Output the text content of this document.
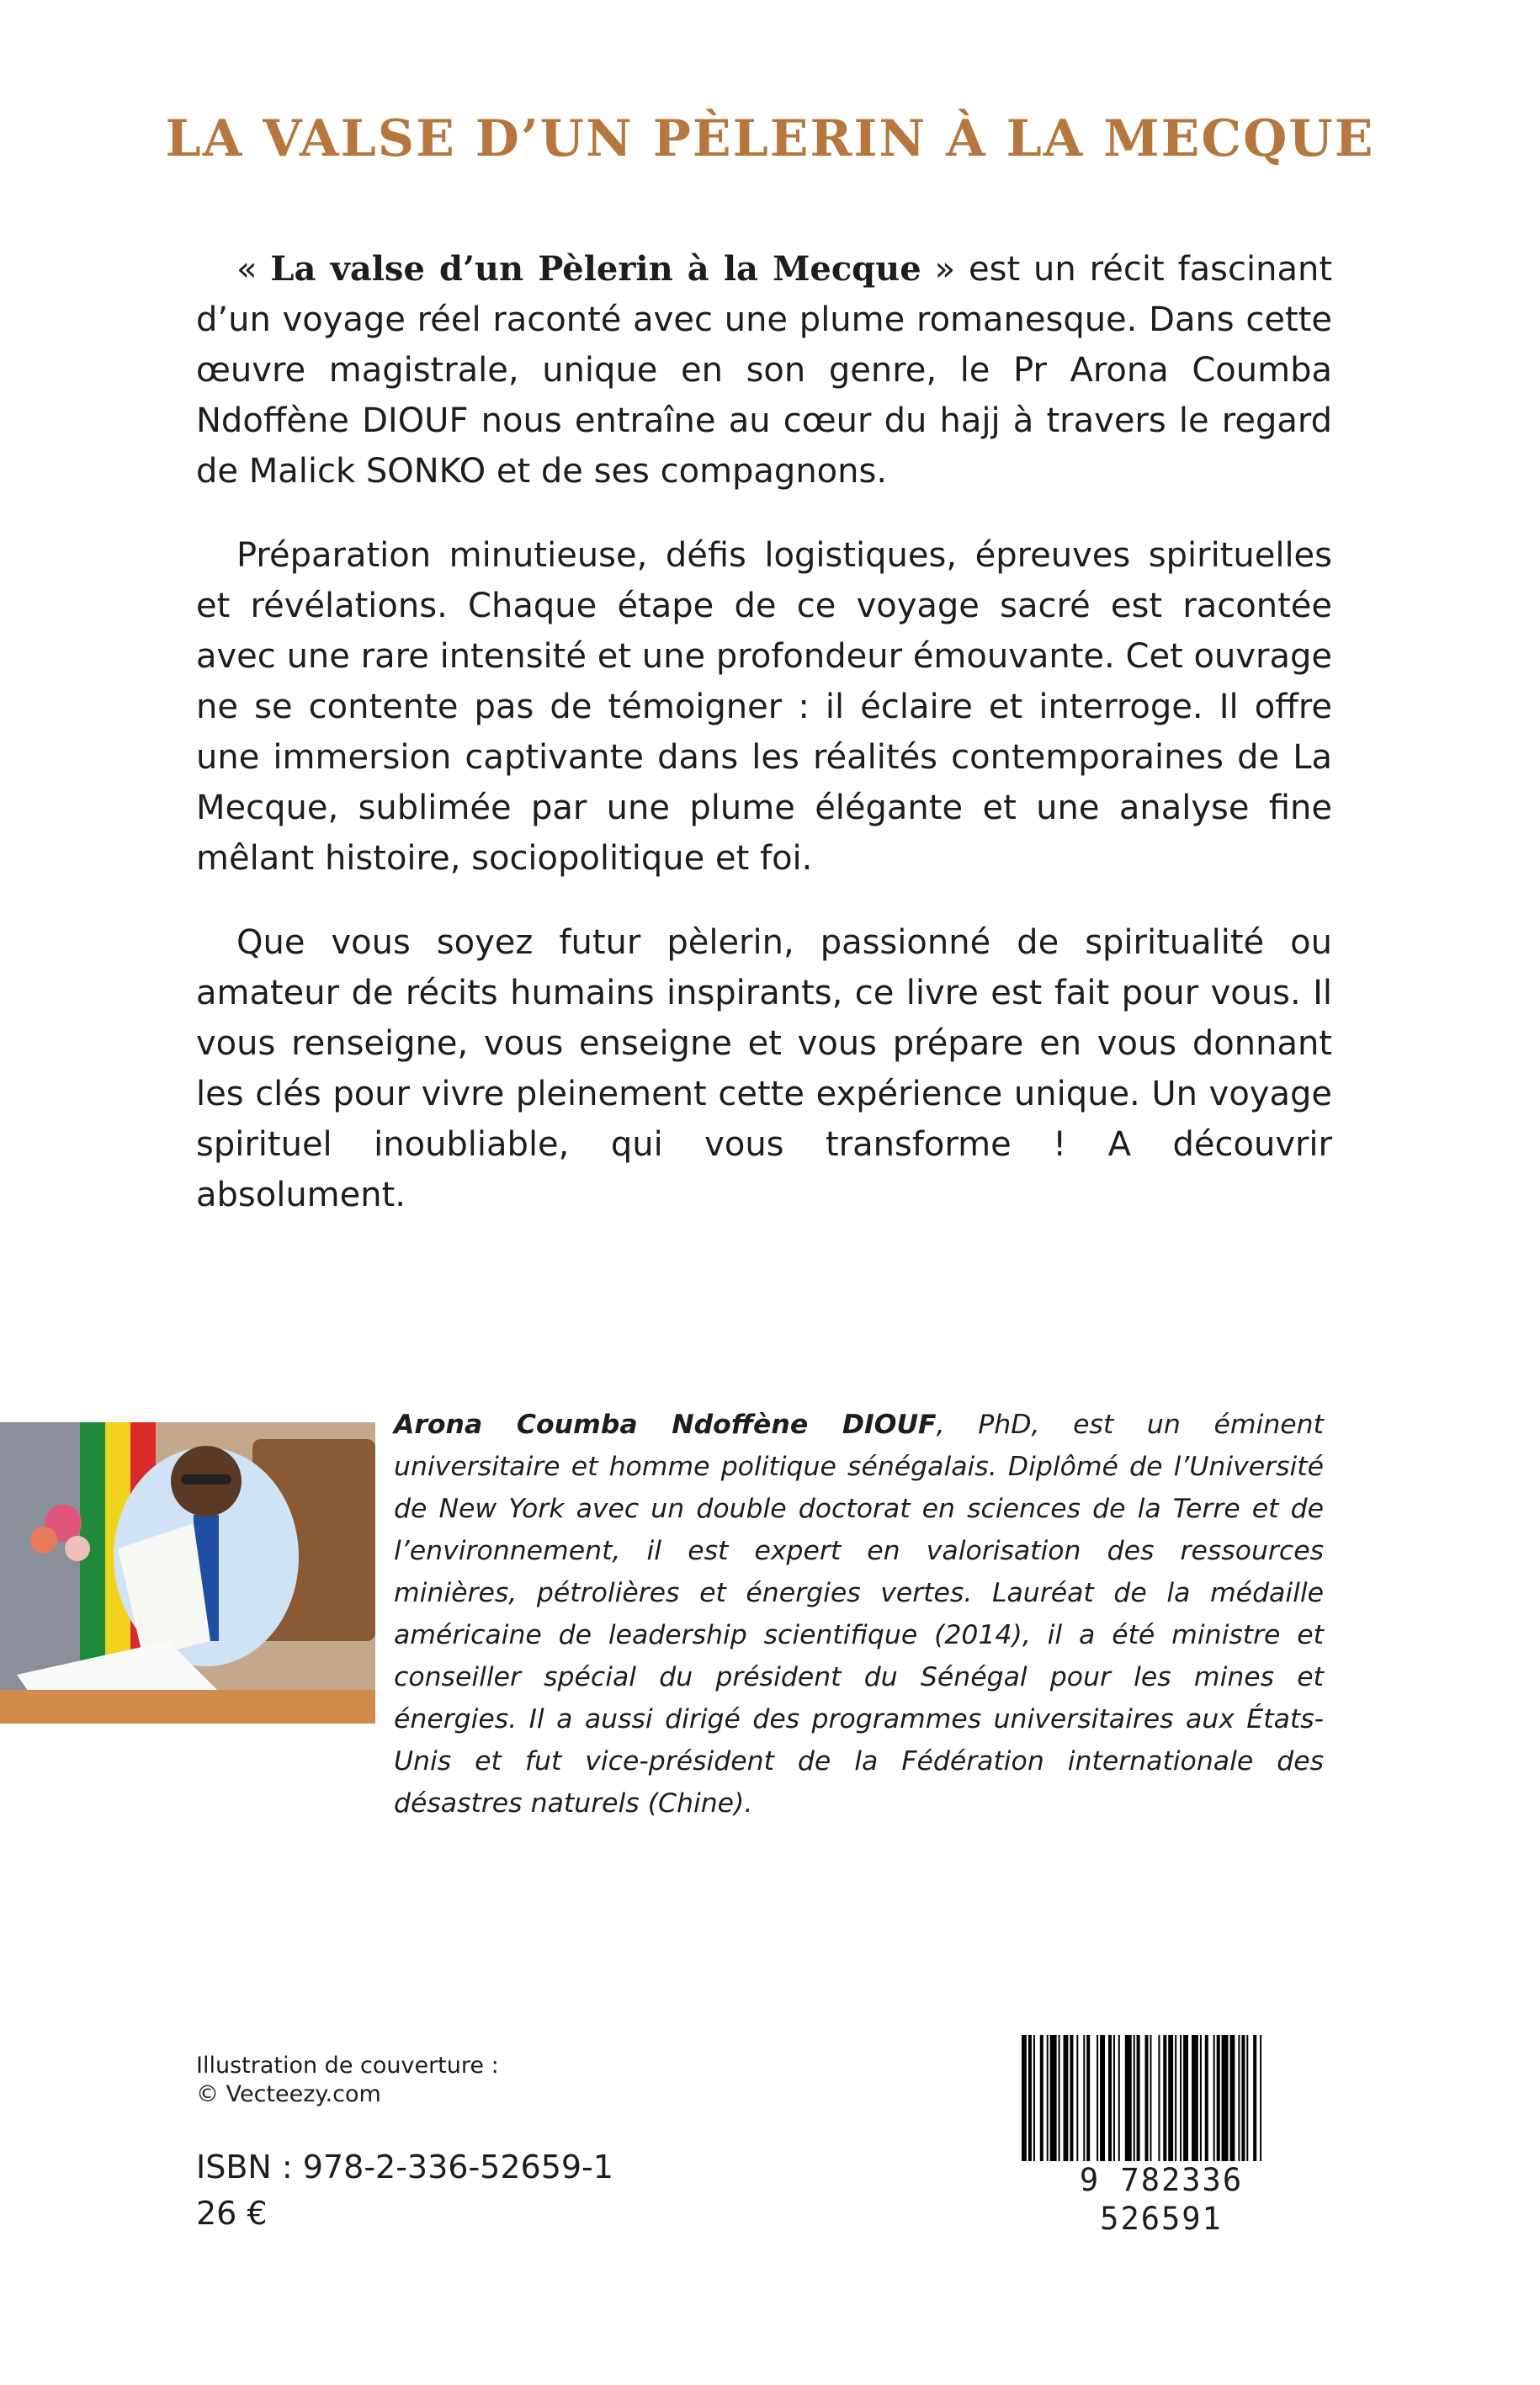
LA VALSE D’UN PÈLERIN À LA MECQUE

« La valse d’un Pèlerin à la Mecque » est un récit fascinant d’un voyage réel raconté avec une plume romanesque. Dans cette œuvre magistrale, unique en son genre, le Pr Arona Coumba Ndoffène DIOUF nous entraîne au cœur du hajj à travers le regard de Malick SONKO et de ses compagnons.

Préparation minutieuse, défis logistiques, épreuves spirituelles et révélations. Chaque étape de ce voyage sacré est racontée avec une rare intensité et une profondeur émouvante. Cet ouvrage ne se contente pas de témoigner : il éclaire et interroge. Il offre une immersion captivante dans les réalités contemporaines de La Mecque, sublimée par une plume élégante et une analyse fine mêlant histoire, sociopolitique et foi.

Que vous soyez futur pèlerin, passionné de spiritualité ou amateur de récits humains inspirants, ce livre est fait pour vous. Il vous renseigne, vous enseigne et vous prépare en vous donnant les clés pour vivre pleinement cette expérience unique. Un voyage spirituel inoubliable, qui vous transforme ! A découvrir absolument.

Arona Coumba Ndoffène DIOUF, PhD, est un éminent universitaire et homme politique sénégalais. Diplômé de l’Université de New York avec un double doctorat en sciences de la Terre et de l’environnement, il est expert en valorisation des ressources minières, pétrolières et énergies vertes. Lauréat de la médaille américaine de leadership scientifique (2014), il a été ministre et conseiller spécial du président du Sénégal pour les mines et énergies. Il a aussi dirigé des programmes universitaires aux États-Unis et fut vice-président de la Fédération internationale des désastres naturels (Chine).

Illustration de couverture :
© Vecteezy.com

ISBN : 978-2-336-52659-1

26 €

9 782336 526591
